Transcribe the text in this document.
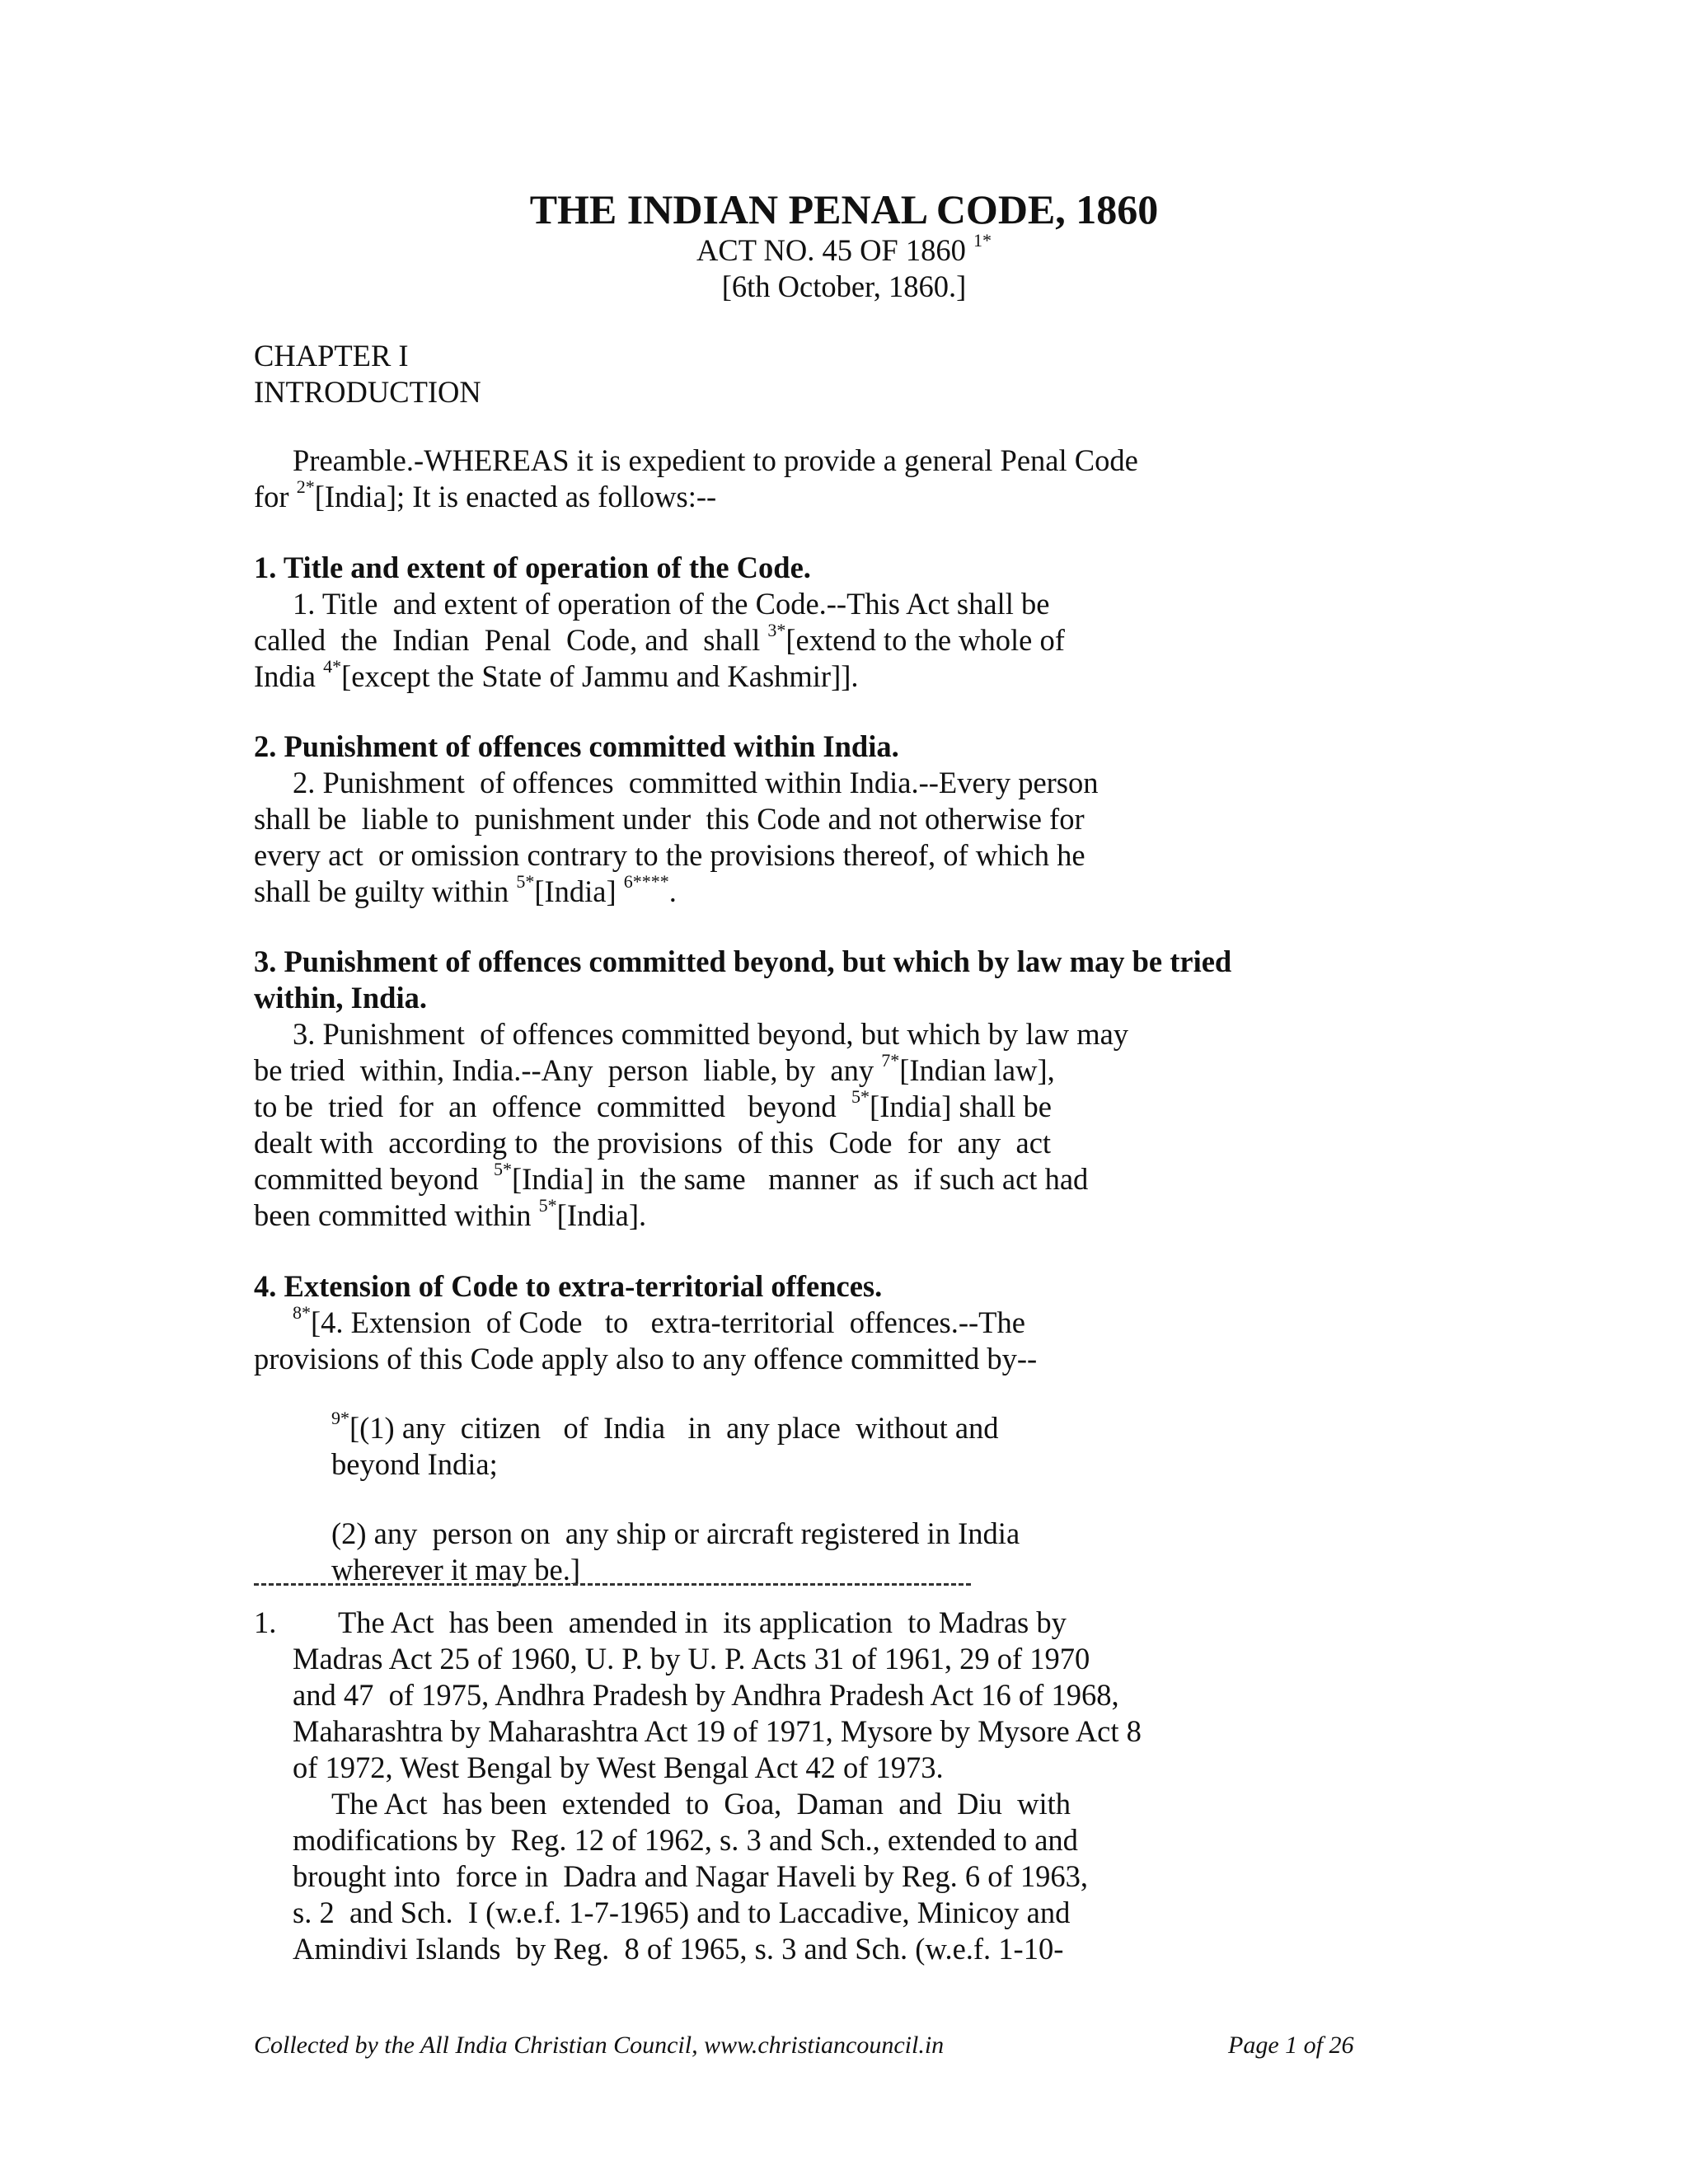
THE INDIAN PENAL CODE, 1860
ACT NO. 45 OF 1860 $^{1*}$
[6th October, 1860.]
CHAPTER I
INTRODUCTION
Preamble.-WHEREAS it is expedient to provide a general Penal Code
for $^{2*}$[India]; It is enacted as follows:--
1. Title and extent of operation of the Code.
1. Title  and extent of operation of the Code.--This Act shall be
called  the  Indian  Penal  Code, and  shall $^{3*}$[extend to the whole of
India $^{4*}$[except the State of Jammu and Kashmir]].
2. Punishment of offences committed within India.
2. Punishment  of offences  committed within India.--Every person
shall be  liable to  punishment under  this Code and not otherwise for
every act  or omission contrary to the provisions thereof, of which he
shall be guilty within $^{5*}$[India] $^{6****}$.
3. Punishment of offences committed beyond, but which by law may be tried
within, India.
3. Punishment  of offences committed beyond, but which by law may
be tried  within, India.--Any  person  liable, by  any $^{7*}$[Indian law],
to be  tried  for  an  offence  committed   beyond  $^{5*}$[India] shall be
dealt with  according to  the provisions  of this  Code  for  any  act
committed beyond  $^{5*}$[India] in  the same   manner  as  if such act had
been committed within $^{5*}$[India].
4. Extension of Code to extra-territorial offences.
$^{8*}$[4. Extension  of Code   to   extra-territorial  offences.--The
provisions of this Code apply also to any offence committed by--
$^{9*}$[(1) any  citizen   of  India   in  any place  without and
beyond India;
(2) any  person on  any ship or aircraft registered in India
wherever it may be.]
1. The Act  has been  amended in  its application  to Madras by
Madras Act 25 of 1960, U. P. by U. P. Acts 31 of 1961, 29 of 1970
and 47  of 1975, Andhra Pradesh by Andhra Pradesh Act 16 of 1968,
Maharashtra by Maharashtra Act 19 of 1971, Mysore by Mysore Act 8
of 1972, West Bengal by West Bengal Act 42 of 1973.
The Act  has been  extended  to  Goa,  Daman  and  Diu  with
modifications by  Reg. 12 of 1962, s. 3 and Sch., extended to and
brought into  force in  Dadra and Nagar Haveli by Reg. 6 of 1963,
s. 2  and Sch.  I (w.e.f. 1-7-1965) and to Laccadive, Minicoy and
Amindivi Islands  by Reg.  8 of 1965, s. 3 and Sch. (w.e.f. 1-10-
Collected by the All India Christian Council, www.christiancouncil.in	Page 1 of 26
